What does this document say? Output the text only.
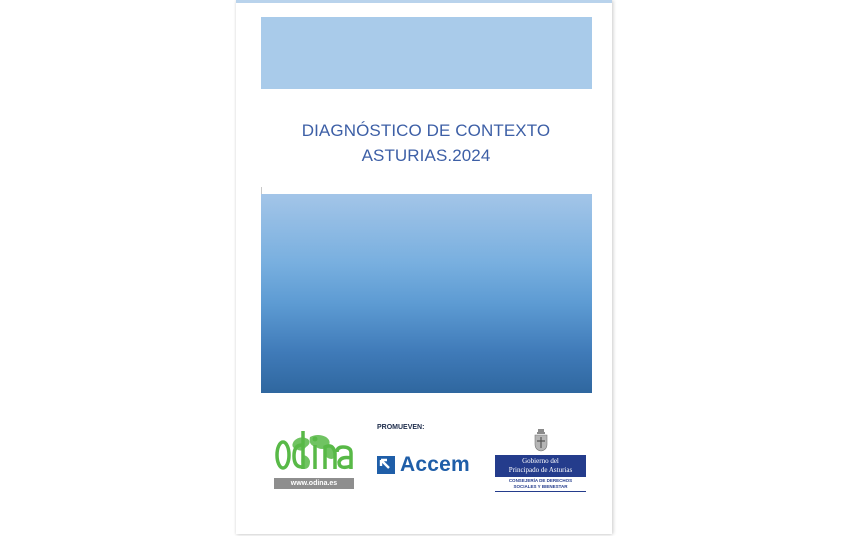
DIAGNÓSTICO DE CONTEXTO
ASTURIAS.2024
www.odina.es
PROMUEVEN:
Accem	Gobierno del
Principado de Asturias
CONSEJERÍA DE DERECHOS
SOCIALES Y BIENESTAR
